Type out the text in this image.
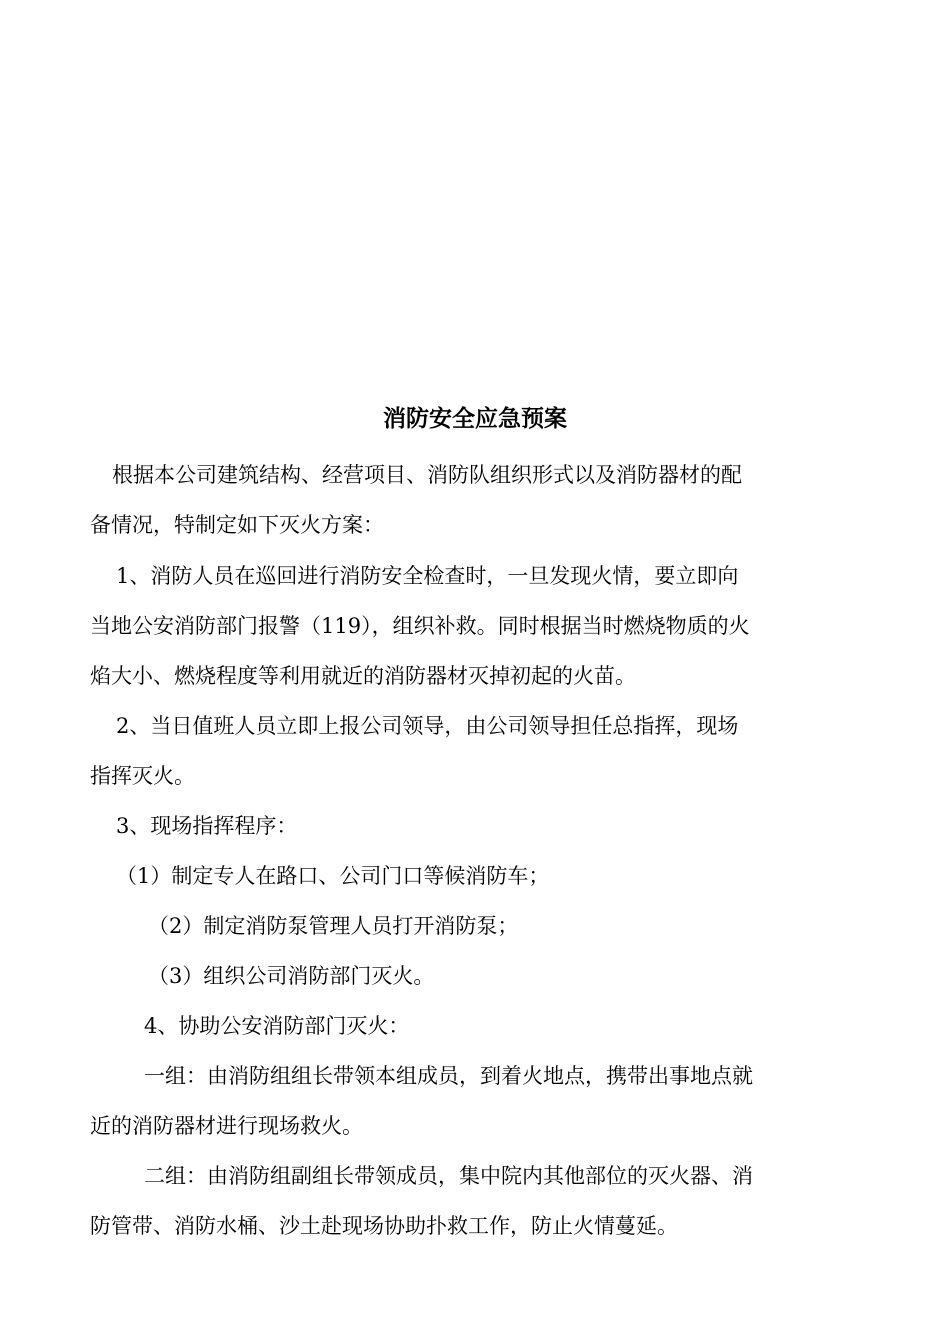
消防安全应急预案
根据本公司建筑结构、经营项目、消防队组织形式以及消防器材的配
备情况，特制定如下灭火方案：
1、消防人员在巡回进行消防安全检查时，一旦发现火情，要立即向
当地公安消防部门报警（119），组织补救。同时根据当时燃烧物质的火
焰大小、燃烧程度等利用就近的消防器材灭掉初起的火苗。
2、当日值班人员立即上报公司领导，由公司领导担任总指挥，现场
指挥灭火。
3、现场指挥程序：
（1）制定专人在路口、公司门口等候消防车；
（2）制定消防泵管理人员打开消防泵；
（3）组织公司消防部门灭火。
4、协助公安消防部门灭火：
一组：由消防组组长带领本组成员，到着火地点，携带出事地点就
近的消防器材进行现场救火。
二组：由消防组副组长带领成员，集中院内其他部位的灭火器、消
防管带、消防水桶、沙土赴现场协助扑救工作，防止火情蔓延。
